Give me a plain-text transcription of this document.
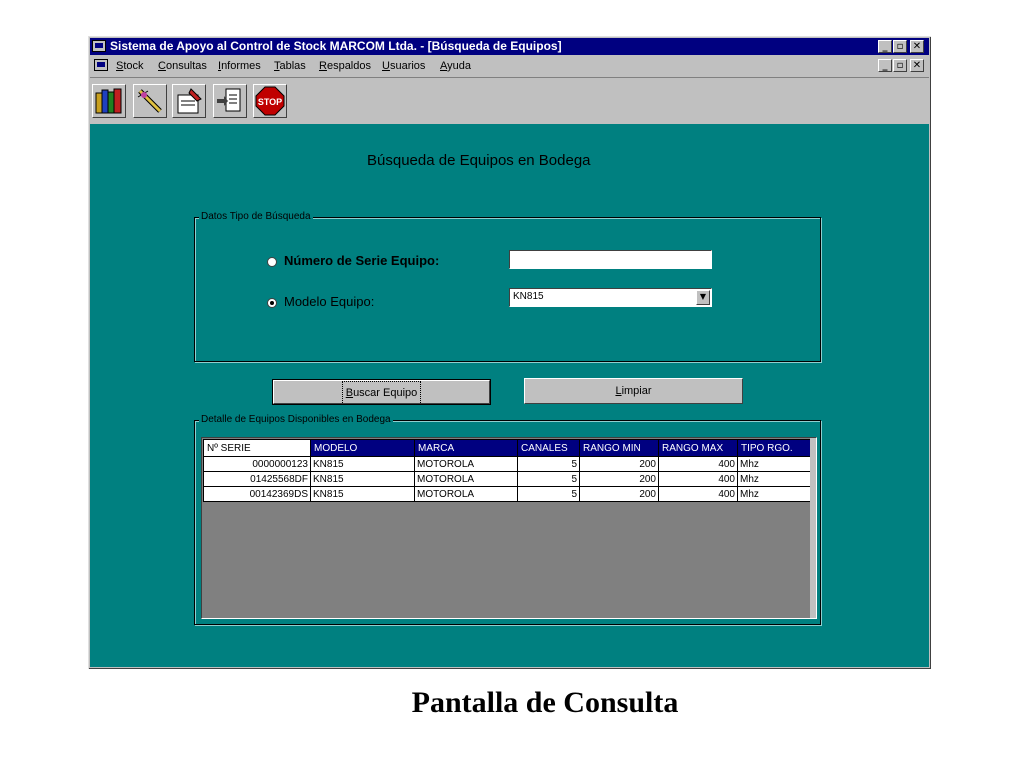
Sistema de Apoyo al Control de Stock MARCOM Ltda. - [Búsqueda de Equipos]	_ ▫ ✕
Stock Consultas Informes Tablas Respaldos Usuarios Ayuda	_ ▫ ✕
STOP
Búsqueda de Equipos en Bodega
Datos Tipo de Búsqueda
Número de Serie Equipo:
Modelo Equipo:	KN815	▼
Buscar Equipo	Limpiar
Detalle de Equipos Disponibles en Bodega
Nº SERIE	MODELO	MARCA	CANALES	RANGO MIN	RANGO MAX	TIPO RGO.
0000000123	KN815	MOTOROLA	5	200	400	Mhz
01425568DF	KN815	MOTOROLA	5	200	400	Mhz
00142369DS	KN815	MOTOROLA	5	200	400	Mhz
Pantalla de Consulta
